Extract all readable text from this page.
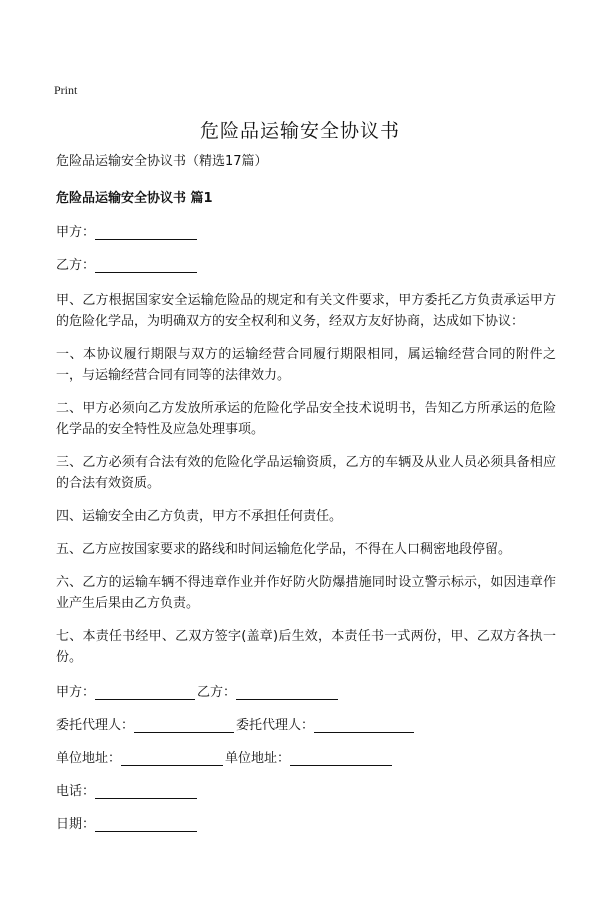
Print
危险品运输安全协议书

危险品运输安全协议书（精选17篇）

危险品运输安全协议书 篇1

甲方：
乙方：

甲、乙方根据国家安全运输危险品的规定和有关文件要求，甲方委托乙方负责承运甲方的危险化学品，为明确双方的安全权利和义务，经双方友好协商，达成如下协议：

一、本协议履行期限与双方的运输经营合同履行期限相同，属运输经营合同的附件之一，与运输经营合同有同等的法律效力。

二、甲方必须向乙方发放所承运的危险化学品安全技术说明书，告知乙方所承运的危险化学品的安全特性及应急处理事项。

三、乙方必须有合法有效的危险化学品运输资质，乙方的车辆及从业人员必须具备相应的合法有效资质。

四、运输安全由乙方负责，甲方不承担任何责任。

五、乙方应按国家要求的路线和时间运输危化学品，不得在人口稠密地段停留。

六、乙方的运输车辆不得违章作业并作好防火防爆措施同时设立警示标示，如因违章作业产生后果由乙方负责。

七、本责任书经甲、乙双方签字(盖章)后生效，本责任书一式两份，甲、乙双方各执一份。

甲方：	乙方：
委托代理人：	委托代理人：
单位地址：	单位地址：
电话：
日期：
